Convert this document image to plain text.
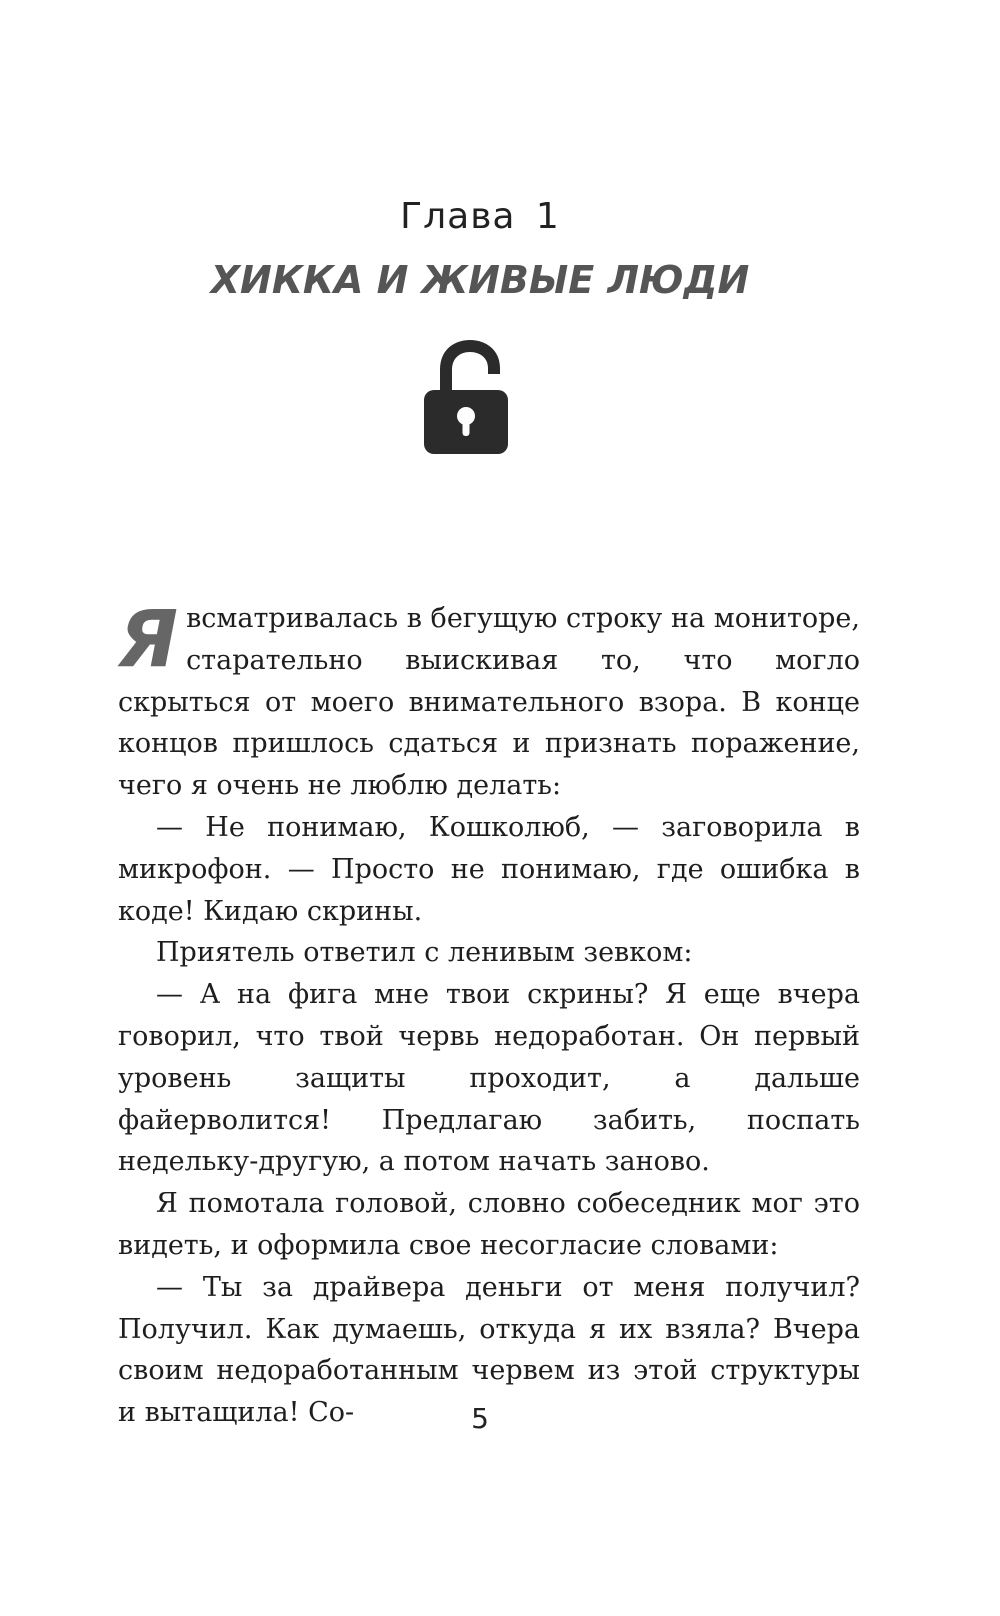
Глава 1
ХИККА И ЖИВЫЕ ЛЮДИ

Я всматривалась в бегущую строку на мониторе, старательно выискивая то, что могло скрыться от моего внимательного взора. В конце концов пришлось сдаться и признать поражение, чего я очень не люблю делать:

— Не понимаю, Кошколюб, — заговорила в микрофон. — Просто не понимаю, где ошибка в коде! Кидаю скрины.

Приятель ответил с ленивым зевком:

— А на фига мне твои скрины? Я еще вчера говорил, что твой червь недоработан. Он первый уровень защиты проходит, а дальше файерволится! Предлагаю забить, поспать недельку-другую, а потом начать заново.

Я помотала головой, словно собеседник мог это видеть, и оформила свое несогласие словами:

— Ты за драйвера деньги от меня получил? Получил. Как думаешь, откуда я их взяла? Вчера своим недоработанным червем из этой структуры и вытащила! Со-	5
